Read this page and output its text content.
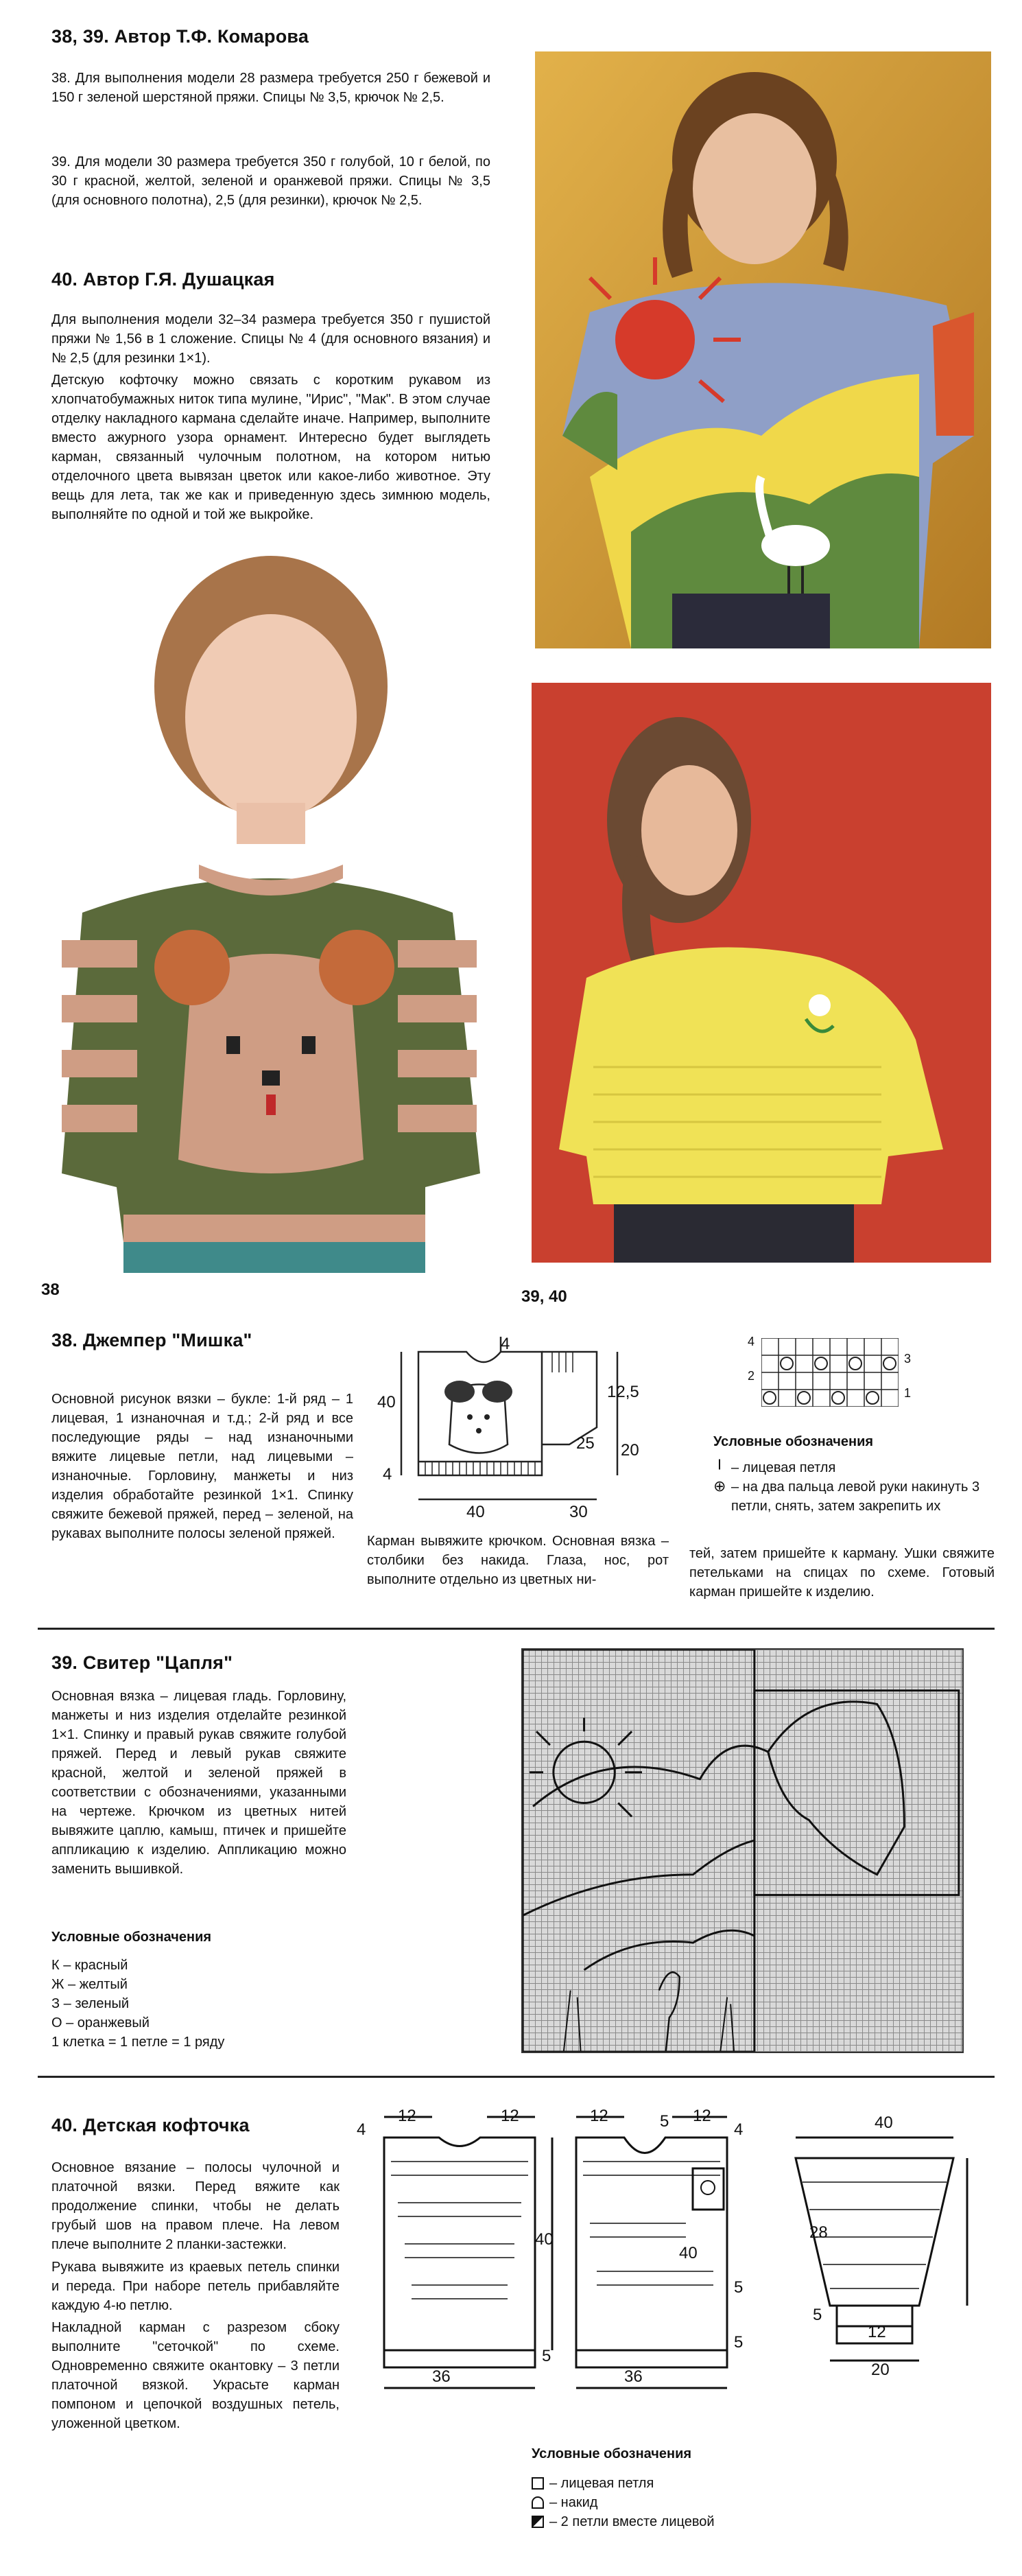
38, 39. Автор Т.Ф. Комарова

38. Для выполнения модели 28 размера требуется 250 г бежевой и 150 г зеленой шерстяной пряжи. Спицы № 3,5, крючок № 2,5.

39. Для модели 30 размера требуется 350 г голубой, 10 г белой, по 30 г красной, желтой, зеленой и оранжевой пряжи. Спицы № 3,5 (для основного полотна), 2,5 (для резинки), крючок № 2,5.

40. Автор Г.Я. Душацкая

Для выполнения модели 32–34 размера требуется 350 г пушистой пряжи № 1,56 в 1 сложение. Спицы № 4 (для основного вязания) и № 2,5 (для резинки 1×1).

Детскую кофточку можно связать с коротким рукавом из хлопчатобумажных ниток типа мулине, "Ирис", "Мак". В этом случае отделку накладного кармана сделайте иначе. Например, выполните вместо ажурного узора орнамент. Интересно будет выглядеть карман, связанный чулочным полотном, на котором нитью отделочного цвета вывязан цветок или какое-либо животное. Эту вещь для лета, так же как и приведенную здесь зимнюю модель, выполняйте по одной и той же выкройке.

38	39, 40
38. Джемпер "Мишка"

Основной рисунок вязки – букле: 1-й ряд – 1 лицевая, 1 изнаночная и т.д.; 2-й ряд и все последующие ряды – над изнаночными вяжите лицевые петли, над лицевыми – изнаночные. Горловину, манжеты и низ изделия обработайте резинкой 1×1. Спинку свяжите бежевой пряжей, перед – зеленой, на рукавах выполните полосы зеленой пряжей.

40
4
40	30
12,5
25 20
4

Карман вывяжите крючком. Основная вязка – столбики без накида. Глаза, нос, рот выполните отдельно из цветных ни-

тей, затем пришейте к карману. Ушки свяжите петельками на спицах по схеме. Готовый карман пришейте к изделию.

4
3
2
1
Условные обозначения
| – лицевая петля
⊕ – на два пальца левой руки накинуть 3 петли, снять, затем закрепить их
39. Свитер "Цапля"

Основная вязка – лицевая гладь. Горловину, манжеты и низ изделия отделайте резинкой 1×1. Спинку и правый рукав свяжите голубой пряжей. Перед и левый рукав свяжите красной, желтой и зеленой пряжей в соответствии с обозначениями, указанными на чертеже. Крючком из цветных нитей вывяжите цаплю, камыш, птичек и пришейте аппликацию к изделию. Аппликацию можно заменить вышивкой.

Условные обозначения
К – красный
Ж – желтый
З – зеленый
О – оранжевый
1 клетка = 1 петле = 1 ряду
40. Детская кофточка

Основное вязание – полосы чулочной и платочной вязки. Перед вяжите как продолжение спинки, чтобы не делать грубый шов на правом плече. На левом плече выполните 2 планки-застежки.

Рукава вывяжите из краевых петель спинки и переда. При наборе петель прибавляйте каждую 4-ю петлю.

Накладной карман с разрезом сбоку выполните "сеточкой" по схеме. Одновременно свяжите окантовку – 3 петли платочной вязкой. Украсьте карман помпоном и цепочкой воздушных петель, уложенной цветком.

12	12	12	12
4	4
40
40
36	36
5
5
5
5
40
28
5
12
20
Условные обозначения
– лицевая петля
– накид
– 2 петли вместе лицевой
